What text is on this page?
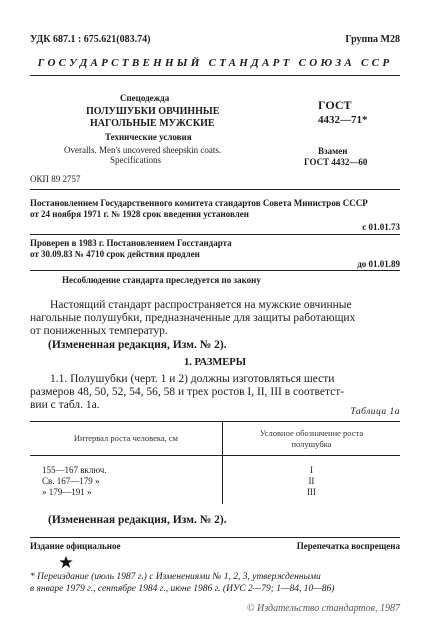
УДК 687.1 : 675.621(083.74)	Группа М28
ГОСУДАРСТВЕННЫЙ СТАНДАРТ СОЮЗА ССР
Спецодежда
ПОЛУШУБКИ ОВЧИННЫЕ
НАГОЛЬНЫЕ МУЖСКИЕ
Технические условия
Overalls. Men's uncovered sheepskin coats.
Specifications
ГОСТ
4432—71*
Взамен
ГОСТ 4432—60
ОКП 89 2757
Постановлением Государственного комитета стандартов Совета Министров СССР
от 24 ноября 1971 г. № 1928 срок введения установлен
с 01.01.73
Проверен в 1983 г. Постановлением Госстандарта
от 30.09.83 № 4710 срок действия продлен
до 01.01.89
Несоблюдение стандарта преследуется по закону
Настоящий стандарт распространяется на мужские овчинные
нагольные полушубки, предназначенные для защиты работающих
от пониженных температур.
(Измененная редакция, Изм. № 2).
1. РАЗМЕРЫ
1.1. Полушубки (черт. 1 и 2) должны изготовляться шести
размеров 48, 50, 52, 54, 56, 58 и трех ростов I, II, III в соответст-
вии с табл. 1а.
Таблица 1а
Интервал роста человека, см	Условное обозначение роста
полушубка
155—167 включ.	I
Св. 167—179 »	II
» 179—191 »	III
(Измененная редакция, Изм. № 2).
Издание официальное	Перепечатка воспрещена
* Переиздание (июль 1987 г.) с Изменениями № 1, 2, 3, утвержденными
в январе 1979 г., сентябре 1984 г., июне 1986 г. (ИУС 2—79; 1—84, 10—86)
© Издательство стандартов, 1987
